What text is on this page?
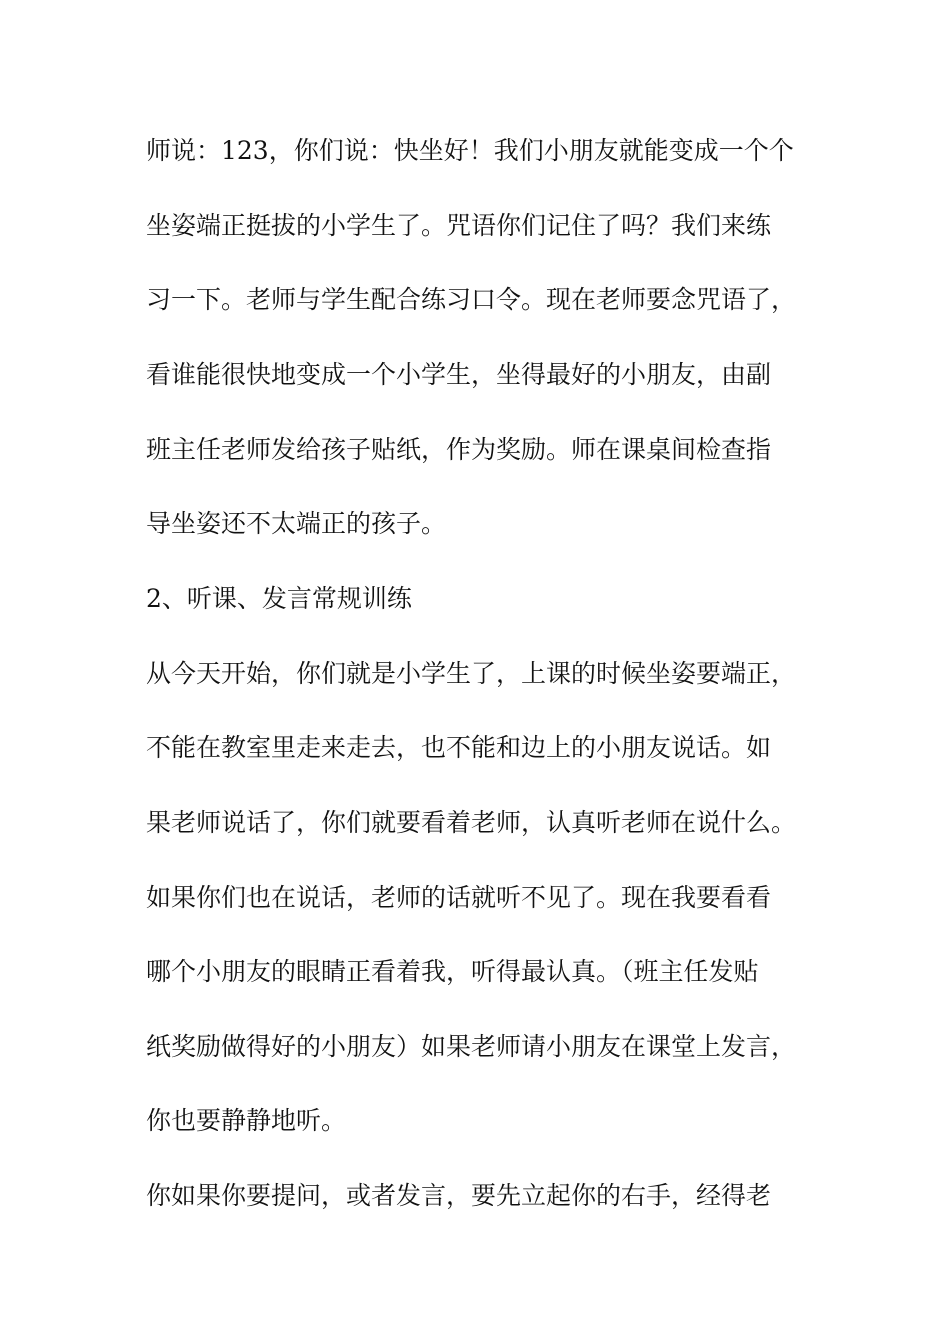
师说：123，你们说：快坐好！我们小朋友就能变成一个个
坐姿端正挺拔的小学生了。咒语你们记住了吗？我们来练
习一下。老师与学生配合练习口令。现在老师要念咒语了，
看谁能很快地变成一个小学生，坐得最好的小朋友，由副
班主任老师发给孩子贴纸，作为奖励。师在课桌间检查指
导坐姿还不太端正的孩子。
2、听课、发言常规训练
从今天开始，你们就是小学生了，上课的时候坐姿要端正，
不能在教室里走来走去，也不能和边上的小朋友说话。如
果老师说话了，你们就要看着老师，认真听老师在说什么。
如果你们也在说话，老师的话就听不见了。现在我要看看
哪个小朋友的眼睛正看着我，听得最认真。（班主任发贴
纸奖励做得好的小朋友）如果老师请小朋友在课堂上发言，
你也要静静地听。
你如果你要提问，或者发言，要先立起你的右手，经得老
